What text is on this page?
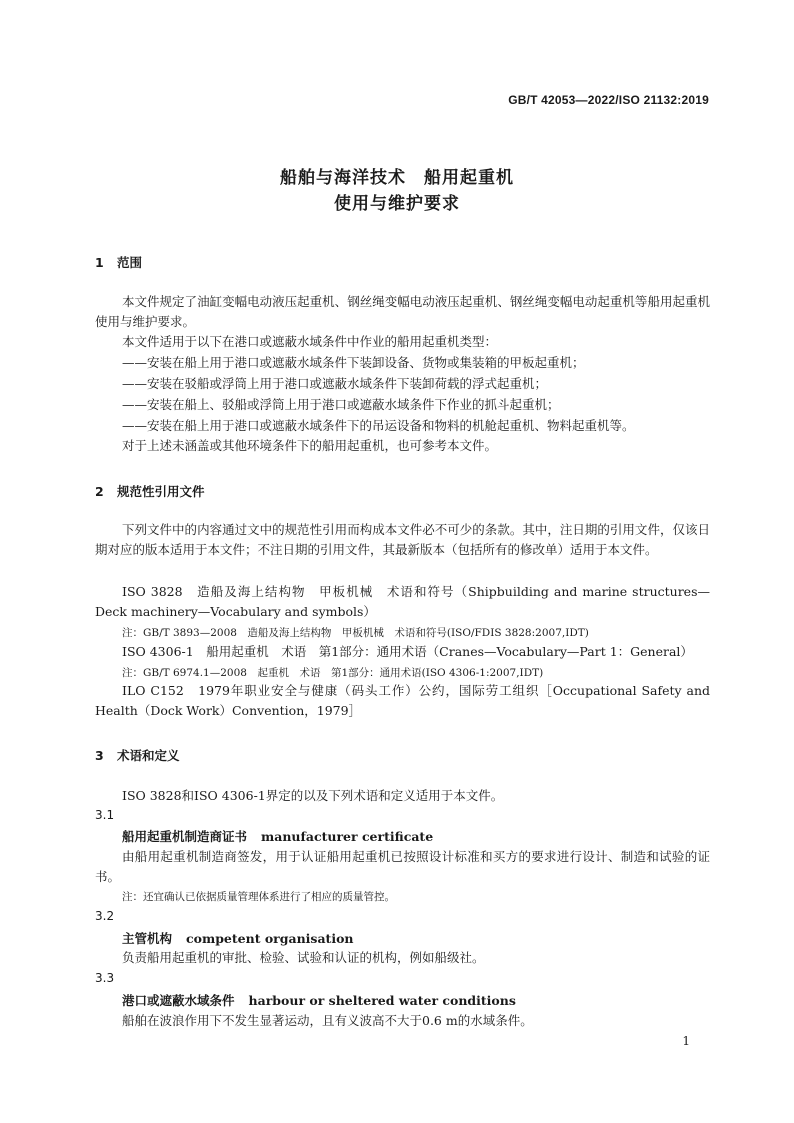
GB/T 42053—2022/ISO 21132:2019
船舶与海洋技术　船用起重机
使用与维护要求
1 范围
本文件规定了油缸变幅电动液压起重机、钢丝绳变幅电动液压起重机、钢丝绳变幅电动起重机等船用起重机使用与维护要求。
本文件适用于以下在港口或遮蔽水域条件中作业的船用起重机类型：
——安装在船上用于港口或遮蔽水域条件下装卸设备、货物或集装箱的甲板起重机；
——安装在驳船或浮筒上用于港口或遮蔽水域条件下装卸荷载的浮式起重机；
——安装在船上、驳船或浮筒上用于港口或遮蔽水域条件下作业的抓斗起重机；
——安装在船上用于港口或遮蔽水域条件下的吊运设备和物料的机舱起重机、物料起重机等。
对于上述未涵盖或其他环境条件下的船用起重机，也可参考本文件。
2 规范性引用文件
下列文件中的内容通过文中的规范性引用而构成本文件必不可少的条款。其中，注日期的引用文件，仅该日期对应的版本适用于本文件；不注日期的引用文件，其最新版本（包括所有的修改单）适用于本文件。
ISO 3828　造船及海上结构物　甲板机械　术语和符号（Shipbuilding and marine structures—Deck machinery—Vocabulary and symbols）
注：GB/T 3893—2008　造船及海上结构物　甲板机械　术语和符号(ISO/FDIS 3828:2007,IDT)
ISO 4306-1　船用起重机　术语　第1部分：通用术语（Cranes—Vocabulary—Part 1：General）
注：GB/T 6974.1—2008　起重机　术语　第1部分：通用术语(ISO 4306-1:2007,IDT)
ILO C152　1979年职业安全与健康（码头工作）公约，国际劳工组织［Occupational Safety and Health（Dock Work）Convention，1979］
3 术语和定义
ISO 3828和ISO 4306-1界定的以及下列术语和定义适用于本文件。
3.1
船用起重机制造商证书 manufacturer certificate
由船用起重机制造商签发，用于认证船用起重机已按照设计标准和买方的要求进行设计、制造和试验的证书。
注：还宜确认已依据质量管理体系进行了相应的质量管控。
3.2
主管机构 competent organisation
负责船用起重机的审批、检验、试验和认证的机构，例如船级社。
3.3
港口或遮蔽水域条件 harbour or sheltered water conditions
船舶在波浪作用下不发生显著运动，且有义波高不大于0.6 m的水域条件。
1
